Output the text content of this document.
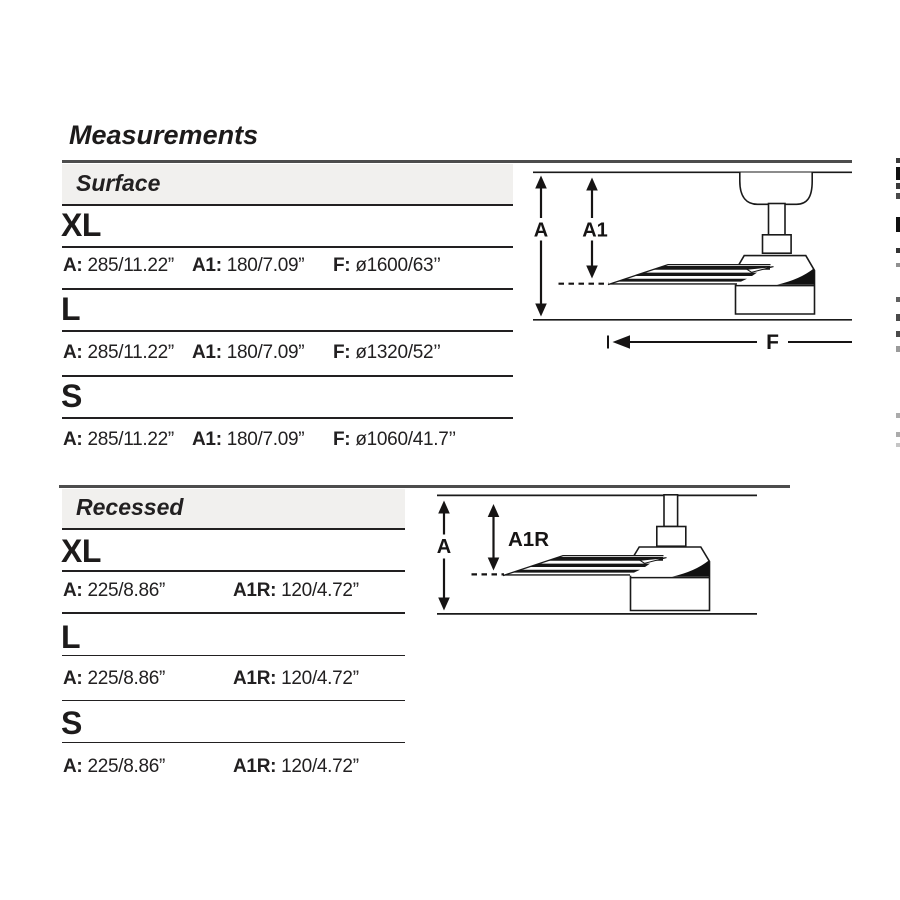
Measurements
Surface
XL
A: 285/11.22” A1: 180/7.09” F: ø1600/63’’
L
A: 285/11.22” A1: 180/7.09” F: ø1320/52’’
S
A: 285/11.22” A1: 180/7.09” F: ø1060/41.7’’
A A1
F
Recessed
XL
A: 225/8.86”	A1R: 120/4.72”
L
A: 225/8.86”	A1R: 120/4.72”
S
A: 225/8.86”	A1R: 120/4.72”
A	A1R
